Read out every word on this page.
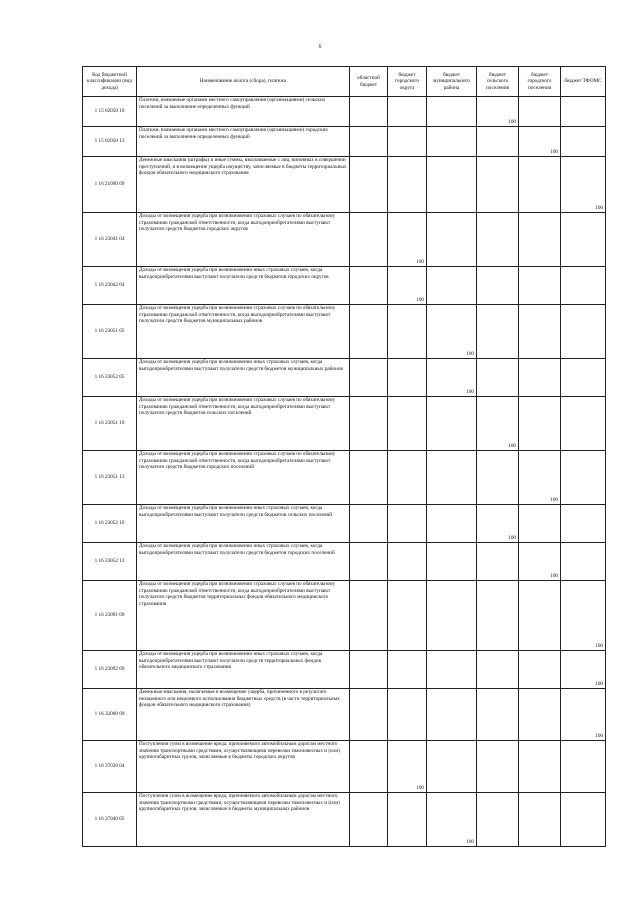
6
Код бюджетной классификации (вид дохода)	Наименование налога (сбора), платежа	областной бюджет	бюджет городского округа	бюджет муниципального района	бюджет сельского поселения	бюджет городского поселения	бюджет ТФОМС
1 15 02050 10	Платежи, взимаемые органами местного самоуправления (организациями) сельских поселений за выполнение определенных функций				100		
1 15 02050 13	Платежи, взимаемые органами местного самоуправления (организациями) городских поселений за выполнение определенных функций					100	
1 16 21090 09	Денежные взыскания (штрафы) и иные суммы, взыскиваемые с лиц, виновных в совершении преступлений, и в возмещение ущерба имуществу, зачисляемые в бюджеты территориальных фондов обязательного медицинского страхования						100
1 16 23041 04	Доходы от возмещения ущерба при возникновении страховых случаев по обязательному страхованию гражданской ответственности, когда выгодоприобретателями выступают получатели средств бюджетов городских округов		100				
1 16 23042 04	Доходы от возмещения ущерба при возникновении иных страховых случаев, когда выгодоприобретателями выступают получатели средств бюджетов городских округов		100				
1 16 23051 05	Доходы от возмещения ущерба при возникновении страховых случаев по обязательному страхованию гражданской ответственности, когда выгодоприобретателями выступают получатели средств бюджетов муниципальных районов			100			
1 16 23052 05	Доходы от возмещения ущерба при возникновении иных страховых случаев, когда выгодоприобретателями выступают получатели средств бюджетов муниципальных районов			100			
1 16 23051 10	Доходы от возмещения ущерба при возникновении страховых случаев по обязательному страхованию гражданской ответственности, когда выгодоприобретателями выступают получатели средств бюджетов сельских поселений				100		
1 16 23051 13	Доходы от возмещения ущерба при возникновении страховых случаев по обязательному страхованию гражданской ответственности, когда выгодоприобретателями выступают получатели средств бюджетов городских поселений					100	
1 16 23052 10	Доходы от возмещения ущерба при возникновении иных страховых случаев, когда выгодоприобретателями выступают получатели средств бюджетов сельских поселений				100		
1 16 23052 13	Доходы от возмещения ущерба при возникновении иных страховых случаев, когда выгодоприобретателями выступают получатели средств бюджетов городских поселений					100	
1 16 23091 09	Доходы от возмещения ущерба при возникновении страховых случаев по обязательному страхованию гражданской ответственности, когда выгодоприобретателями выступают получатели средств бюджетов территориальных фондов обязательного медицинского страхования						100
1 16 23092 09	Доходы от возмещения ущерба при возникновении иных страховых случаев, когда выгодоприобретателями выступают получатели средств территориальных фондов обязательного медицинского страхования						100
1 16 32000 09	Денежные взыскания, налагаемые в возмещение ущерба, причиненного в результате незаконного или нецелевого использования бюджетных средств (в части территориальных фондов обязательного медицинского страхования)						100
1 16 37030 04	Поступления сумм в возмещение вреда, причиняемого автомобильным дорогам местного значения транспортными средствами, осуществляющими перевозки тяжеловесных и (или) крупногабаритных грузов, зачисляемые в бюджеты городских округов		100				
1 16 37040 05	Поступления сумм в возмещение вреда, причиняемого автомобильным дорогам местного значения транспортными средствами, осуществляющими перевозки тяжеловесных и (или) крупногабаритных грузов, зачисляемые в бюджеты муниципальных районов			100			
